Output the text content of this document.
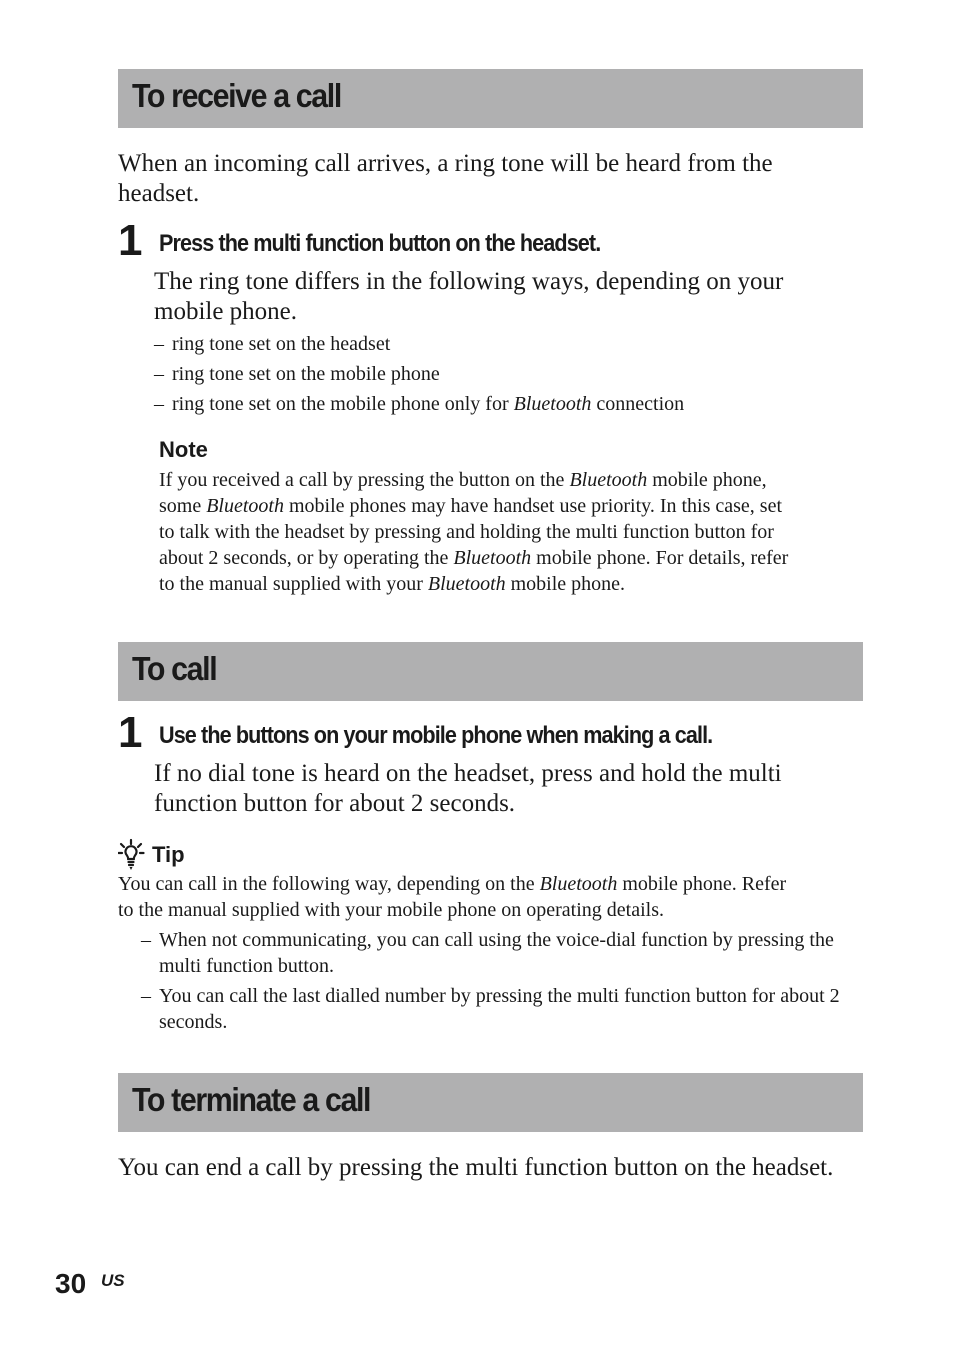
To receive a call
When an incoming call arrives, a ring tone will be heard from the headset.
1 Press the multi function button on the headset.
The ring tone differs in the following ways, depending on your mobile phone.
– ring tone set on the headset
– ring tone set on the mobile phone
– ring tone set on the mobile phone only for Bluetooth connection
Note
If you received a call by pressing the button on the Bluetooth mobile phone,
some Bluetooth mobile phones may have handset use priority. In this case, set
to talk with the headset by pressing and holding the multi function button for
about 2 seconds, or by operating the Bluetooth mobile phone. For details, refer
to the manual supplied with your Bluetooth mobile phone.
To call
1 Use the buttons on your mobile phone when making a call.
If no dial tone is heard on the headset, press and hold the multi function button for about 2 seconds.
Tip
You can call in the following way, depending on the Bluetooth mobile phone. Refer
to the manual supplied with your mobile phone on operating details.
– When not communicating, you can call using the voice-dial function by pressing the multi function button.
– You can call the last dialled number by pressing the multi function button for about 2 seconds.
To terminate a call
You can end a call by pressing the multi function button on the headset.
30 US
